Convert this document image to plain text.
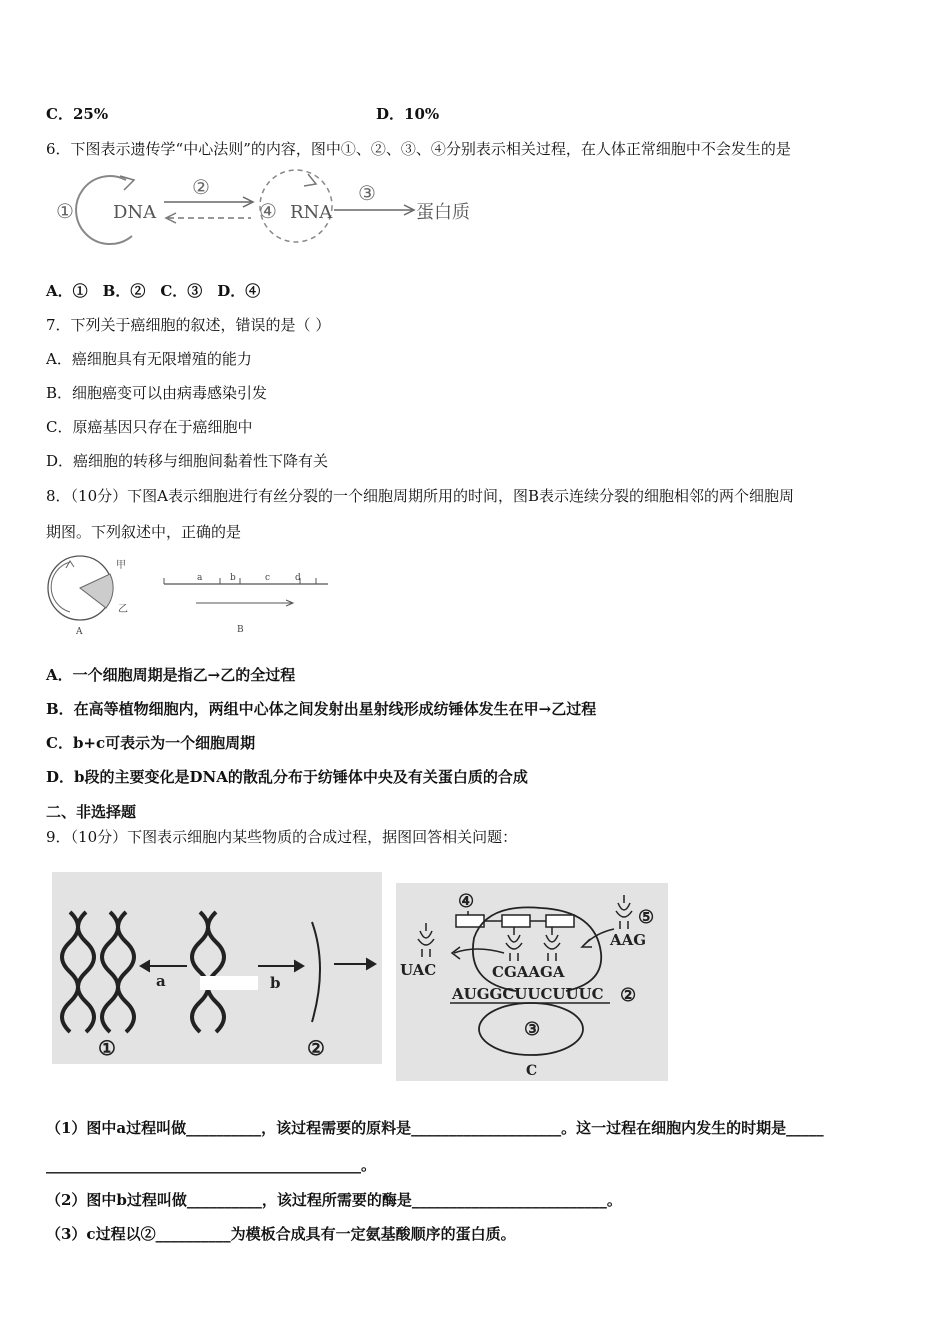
C．25%	D．10%
6．下图表示遗传学“中心法则”的内容，图中①、②、③、④分别表示相关过程，在人体正常细胞中不会发生的是
① DNA
②
④ RNA
③
蛋白质
A．①　B．②　C．③　D．④
7．下列关于癌细胞的叙述，错误的是（ ）
A．癌细胞具有无限增殖的能力
B．细胞癌变可以由病毒感染引发
C．原癌基因只存在于癌细胞中
D．癌细胞的转移与细胞间黏着性下降有关
8．（10分）下图A表示细胞进行有丝分裂的一个细胞周期所用的时间，图B表示连续分裂的细胞相邻的两个细胞周
期图。下列叙述中，正确的是
甲
乙
A
a	b	c	d
B
A．一个细胞周期是指乙→乙的全过程
B．在高等植物细胞内，两组中心体之间发射出星射线形成纺锤体发生在甲→乙过程
C．b+c可表示为一个细胞周期
D．b段的主要变化是DNA的散乱分布于纺锤体中央及有关蛋白质的合成
二、非选择题
9．（10分）下图表示细胞内某些物质的合成过程，据图回答相关问题：
a	b
①	②
④
⑤
AAG
UAC	CGAAGA
AUGGCUUCUUUC ②
③
C
（1）图中a过程叫做__________，该过程需要的原料是____________________。这一过程在细胞内发生的时期是_____
__________________________________________。
（2）图中b过程叫做__________，该过程所需要的酶是__________________________。
（3）c过程以②__________为模板合成具有一定氨基酸顺序的蛋白质。
